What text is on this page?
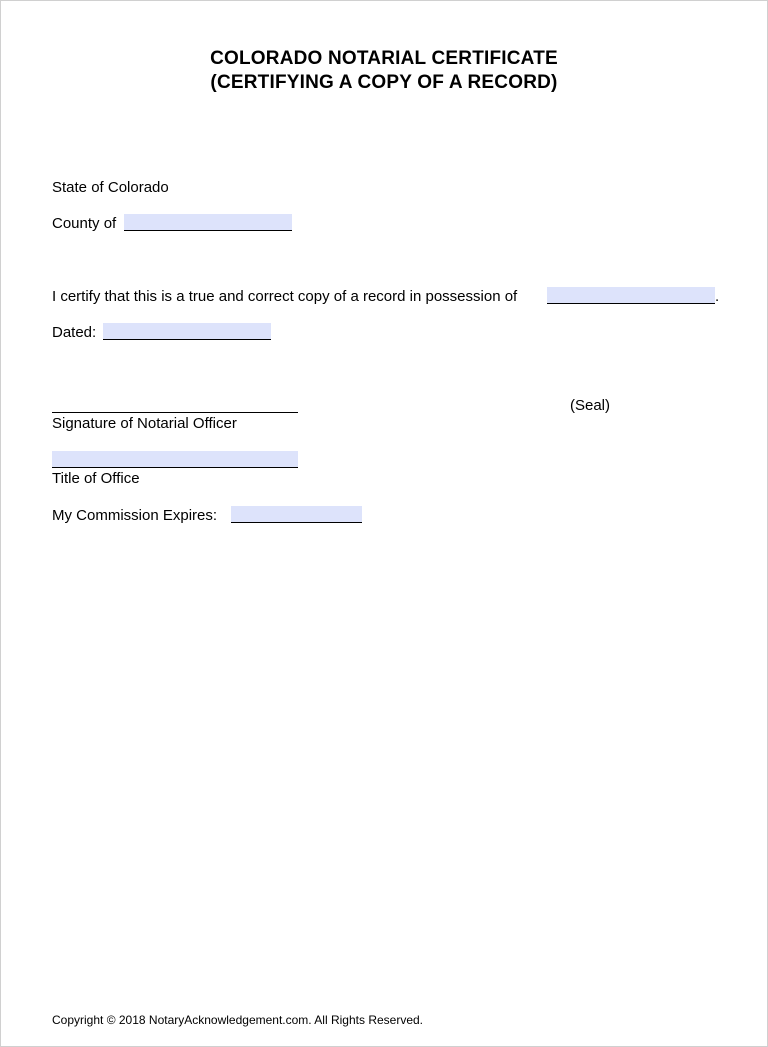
COLORADO NOTARIAL CERTIFICATE
(CERTIFYING A COPY OF A RECORD)
State of Colorado
County of
I certify that this is a true and correct copy of a record in possession of	.
Dated:
(Seal)
Signature of Notarial Officer
Title of Office
My Commission Expires:
Copyright © 2018 NotaryAcknowledgement.com. All Rights Reserved.
